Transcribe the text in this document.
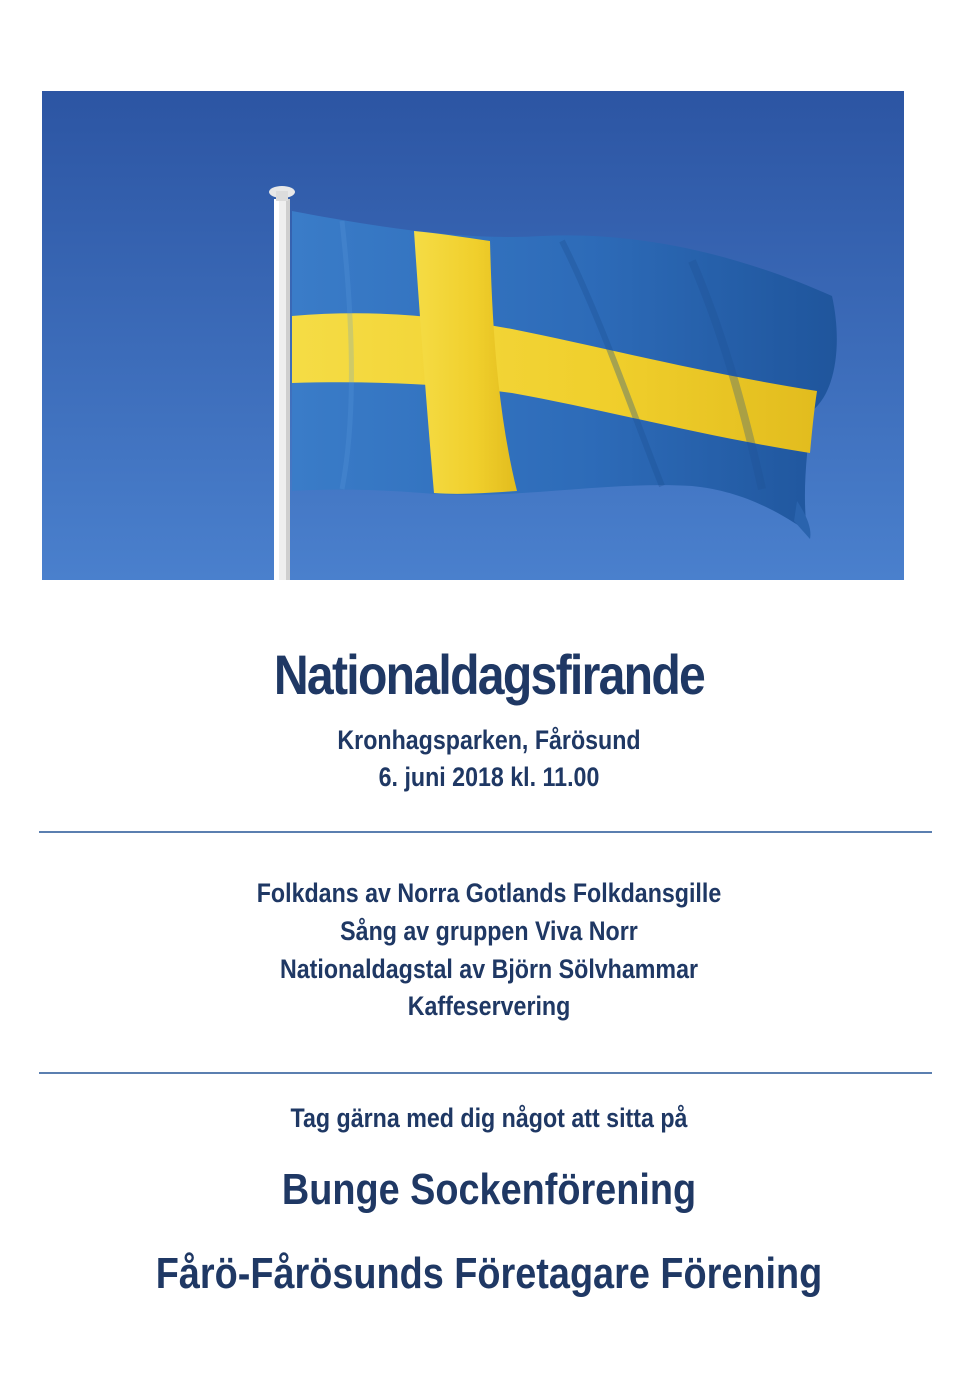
Nationaldagsfirande
Kronhagsparken, Fårösund
6. juni 2018 kl. 11.00
Folkdans av Norra Gotlands Folkdansgille
Sång av gruppen Viva Norr
Nationaldagstal av Björn Sölvhammar
Kaffeservering
Tag gärna med dig något att sitta på
Bunge Sockenförening
Fårö-Fårösunds Företagare Förening
